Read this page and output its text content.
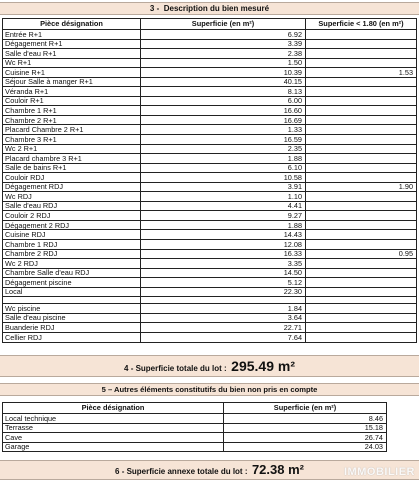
3 - Description du bien mesuré
Pièce désignation	Superficie (en m²)	Superficie < 1.80 (en m²)
Entrée R+1	6.92	
Dégagement R+1	3.39	
Salle d'eau R+1	2.38	
Wc R+1	1.50	
Cuisine R+1	10.39	1.53
Séjour Salle à manger R+1	40.15	
Véranda R+1	8.13	
Couloir R+1	6.00	
Chambre 1 R+1	16.60	
Chambre 2 R+1	16.69	
Placard Chambre 2 R+1	1.33	
Chambre 3 R+1	16.59	
Wc 2 R+1	2.35	
Placard chambre 3 R+1	1.88	
Salle de bains R+1	6.10	
Couloir RDJ	10.58	
Dégagement RDJ	3.91	1.90
Wc RDJ	1.10	
Salle d'eau RDJ	4.41	
Couloir 2 RDJ	9.27	
Dégagement 2 RDJ	1.88	
Cuisine RDJ	14.43	
Chambre 1 RDJ	12.08	
Chambre 2 RDJ	16.33	0.95
Wc 2 RDJ	3.35	
Chambre Salle d'eau RDJ	14.50	
Dégagement piscine	5.12	
Local	22.30	

Wc piscine	1.84	
Salle d'eau piscine	3.64	
Buanderie RDJ	22.71	
Cellier RDJ	7.64	
4 - Superficie totale du lot : 295.49 m²
5 – Autres éléments constitutifs du bien non pris en compte
Pièce désignation	Superficie (en m²)
Local technique	8.46
Terrasse	15.18
Cave	26.74
Garage	24.03
6 - Superficie annexe totale du lot : 72.38 m²	IMMOBILIER
